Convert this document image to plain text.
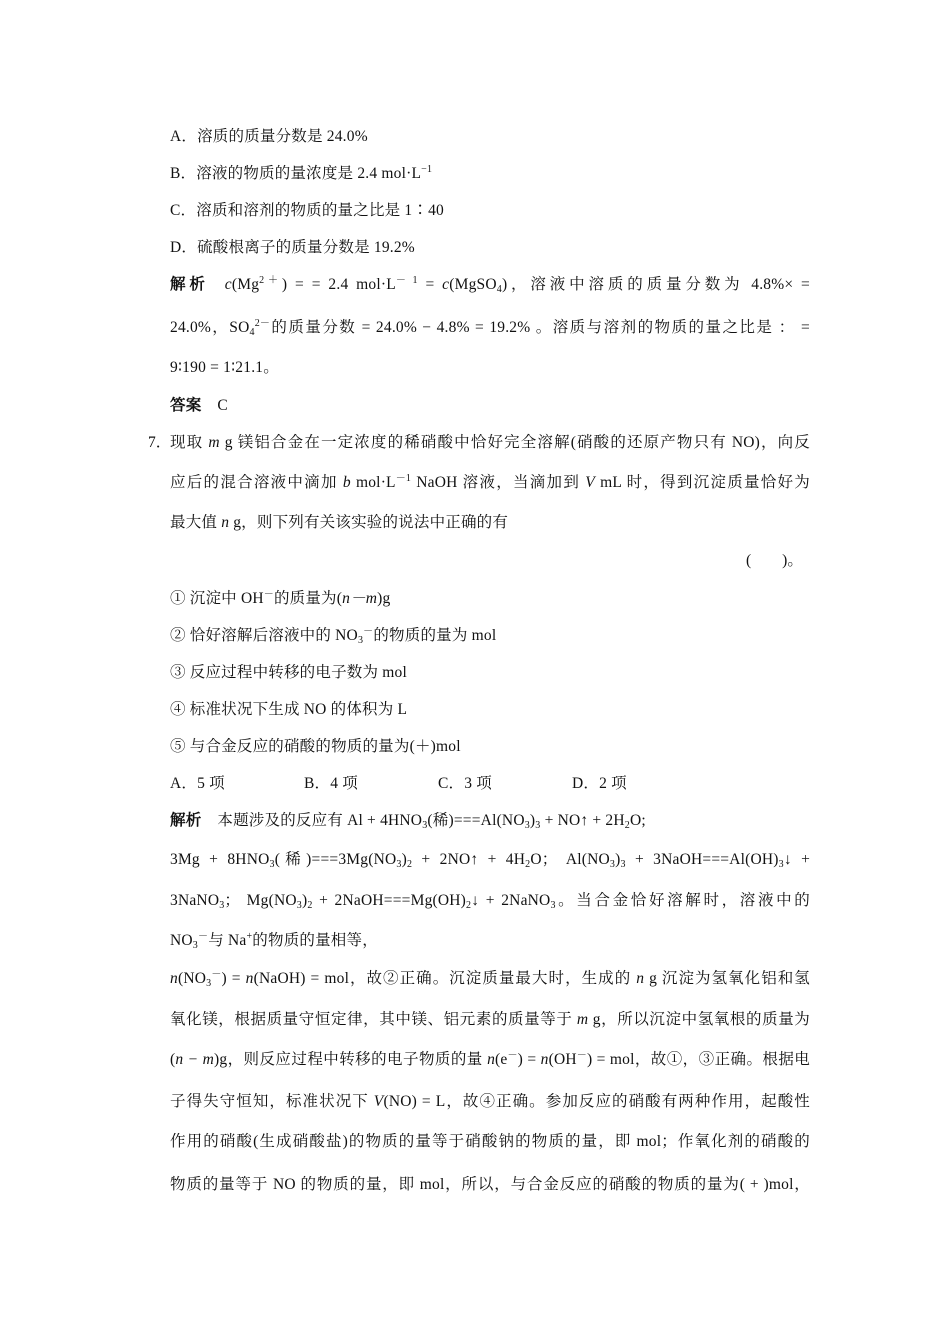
A．溶质的质量分数是 24.0%
B．溶液的物质的量浓度是 2.4 $mol\cdot L^{-1}$
C．溶质和溶剂的物质的量之比是 1∶40
D．硫酸根离子的质量分数是 19.2%
解析 $c(Mg^{2+})$ = = 2.4 $mol\cdot L^{- 1}$ = c(MgSO$_4$)，溶液中溶质的质量分数为 4.8%× =
24.0%，$SO_4^{2-}$的质量分数 = 24.0% − 4.8% = 19.2% 。溶质与溶剂的物质的量之比是 ： =
9∶190 = 1∶21.1。
答案 C
7．
现取 m g 镁铝合金在一定浓度的稀硝酸中恰好完全溶解(硝酸的还原产物只有 NO)，向反
应后的混合溶液中滴加 b $mol\cdot L^{-1}$ NaOH 溶液，当滴加到 V mL 时，得到沉淀质量恰好为
最大值 n g，则下列有关该实验的说法中正确的有
(　　)。
① 沉淀中 OH－的质量为(n－m)g
② 恰好溶解后溶液中的 $NO_3^-$的物质的量为 mol
③ 反应过程中转移的电子数为 mol
④ 标准状况下生成 NO 的体积为 L
⑤ 与合金反应的硝酸的物质的量为(＋)mol
A．5 项	B．4 项	C．3 项	D．2 项
解析 本题涉及的反应有 $Al + 4HNO_3$(稀)$===Al(NO_3)_3$ + NO↑ + $2H_2O$;
$3Mg + 8HNO_3$(稀)$===3Mg(NO_3)_2$ + 2NO↑ + $4H_2O$； $Al(NO_3)_3$ + $3NaOH===Al(OH)_3↓$ +
3NaNO$_3$； $Mg(NO_3)_2$ + $2NaOH===Mg(OH)_2↓$ + 2NaNO$_3$。当合金恰好溶解时，溶液中的
$NO_3^-$与 Na+的物质的量相等，
$n(NO_3^-)$ = n(NaOH) = mol，故②正确。沉淀质量最大时，生成的 n g 沉淀为氢氧化铝和氢
氧化镁，根据质量守恒定律，其中镁、铝元素的质量等于 m g，所以沉淀中氢氧根的质量为
(n − m)g，则反应过程中转移的电子物质的量 n(e－) = n(OH－) = mol，故①，③正确。根据电
子得失守恒知，标准状况下 V(NO) = L，故④正确。参加反应的硝酸有两种作用，起酸性
作用的硝酸(生成硝酸盐)的物质的量等于硝酸钠的物质的量，即 mol；作氧化剂的硝酸的
物质的量等于 NO 的物质的量，即 mol，所以，与合金反应的硝酸的物质的量为( + )mol，
